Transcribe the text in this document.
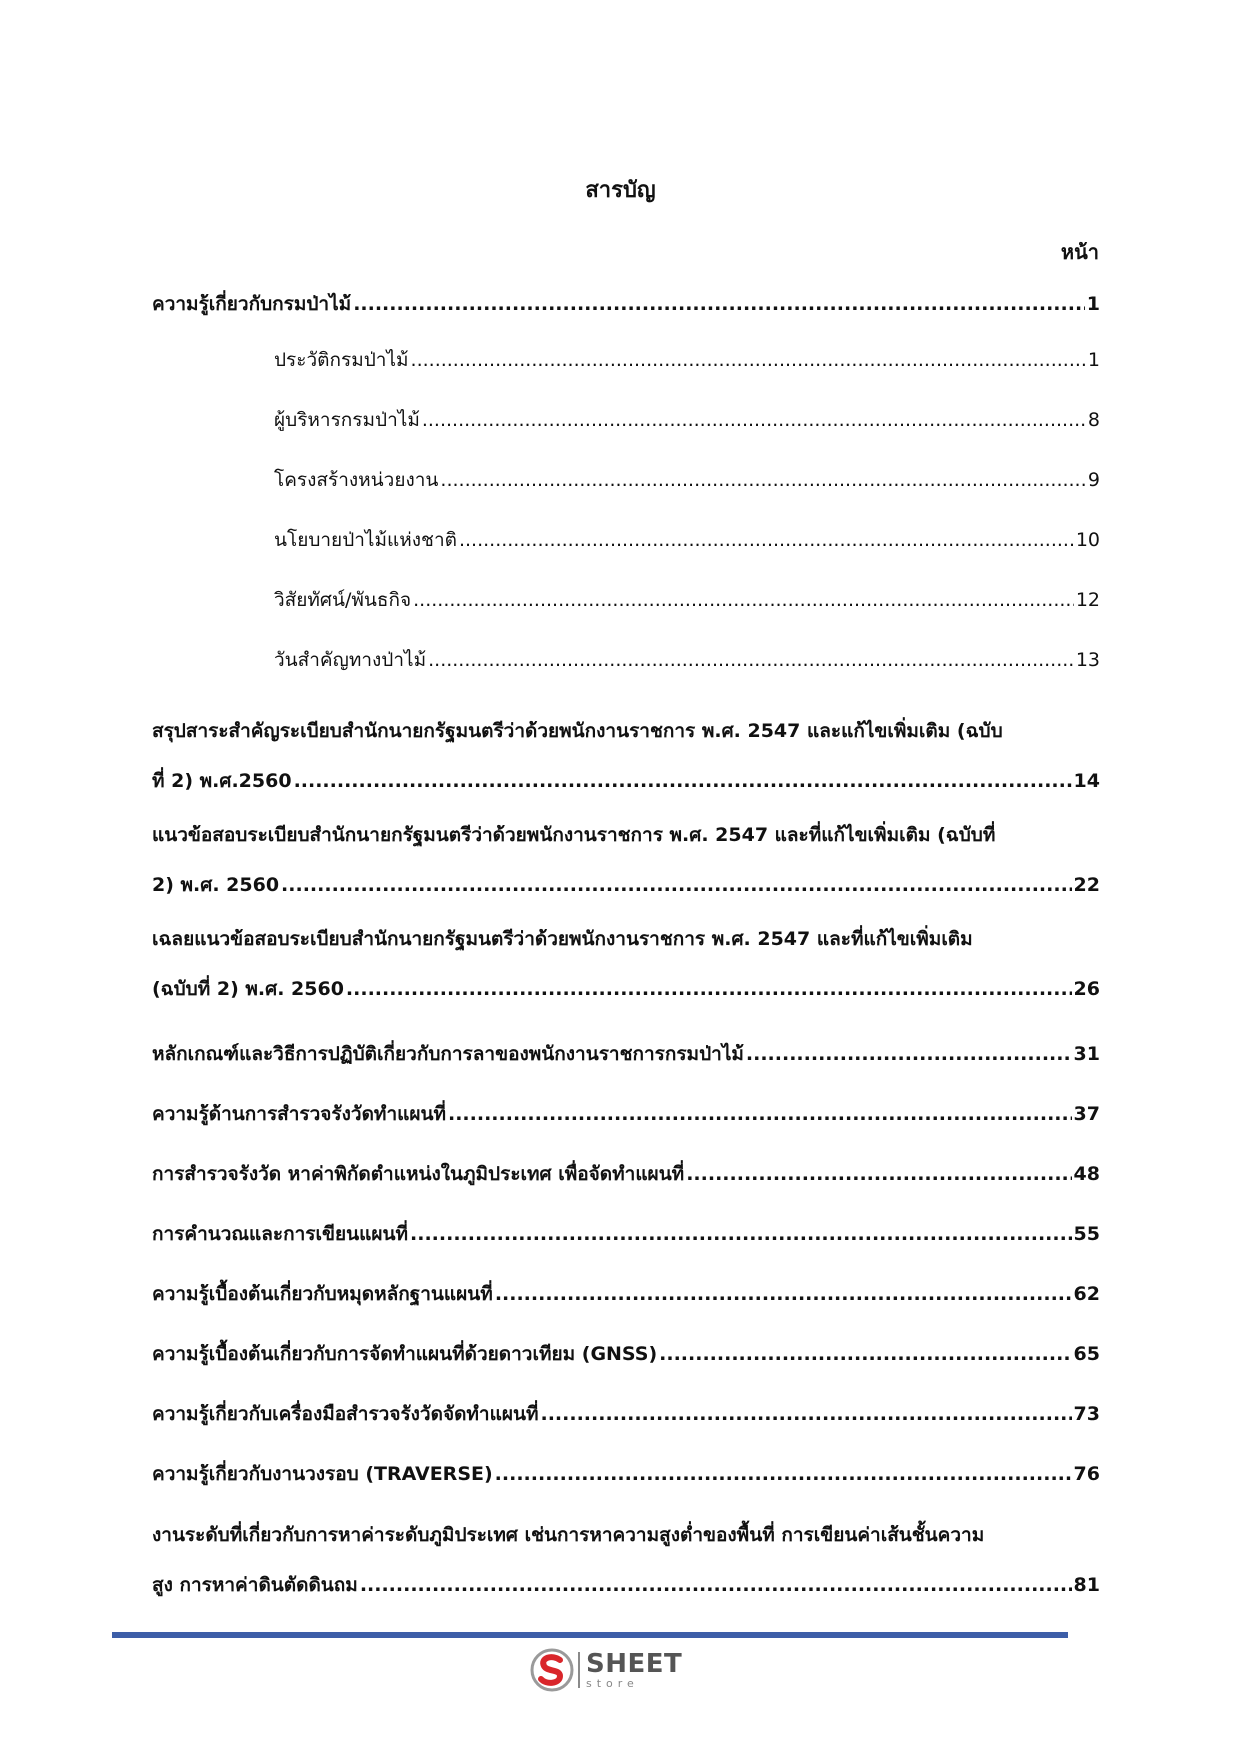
สารบัญ
หน้า
ความรู้เกี่ยวกับกรมป่าไม้ .....	1
ประวัติกรมป่าไม้ .....	1
ผู้บริหารกรมป่าไม้ .....	8
โครงสร้างหน่วยงาน .....	9
นโยบายป่าไม้แห่งชาติ .....	10
วิสัยทัศน์/พันธกิจ .....	12
วันสำคัญทางป่าไม้ .....	13
สรุปสาระสำคัญระเบียบสำนักนายกรัฐมนตรีว่าด้วยพนักงานราชการ พ.ศ. 2547 และแก้ไขเพิ่มเติม (ฉบับ
ที่ 2) พ.ศ.2560 .....	14
แนวข้อสอบระเบียบสำนักนายกรัฐมนตรีว่าด้วยพนักงานราชการ พ.ศ. 2547 และที่แก้ไขเพิ่มเติม (ฉบับที่
2) พ.ศ. 2560 .....	22
เฉลยแนวข้อสอบระเบียบสำนักนายกรัฐมนตรีว่าด้วยพนักงานราชการ พ.ศ. 2547 และที่แก้ไขเพิ่มเติม
(ฉบับที่ 2) พ.ศ. 2560 .....	26
หลักเกณฑ์และวิธีการปฏิบัติเกี่ยวกับการลาของพนักงานราชการกรมป่าไม้ .....	31
ความรู้ด้านการสำรวจรังวัดทำแผนที่ .....	37
การสำรวจรังวัด หาค่าพิกัดตำแหน่งในภูมิประเทศ เพื่อจัดทำแผนที่ .....	48
การคำนวณและการเขียนแผนที่ .....	55
ความรู้เบื้องต้นเกี่ยวกับหมุดหลักฐานแผนที่ .....	62
ความรู้เบื้องต้นเกี่ยวกับการจัดทำแผนที่ด้วยดาวเทียม (GNSS) .....	65
ความรู้เกี่ยวกับเครื่องมือสำรวจรังวัดจัดทำแผนที่ .....	73
ความรู้เกี่ยวกับงานวงรอบ (TRAVERSE) .....	76
งานระดับที่เกี่ยวกับการหาค่าระดับภูมิประเทศ เช่นการหาความสูงต่ำของพื้นที่ การเขียนค่าเส้นชั้นความ
สูง การหาค่าดินตัดดินถม .....	81
SHEET
store
